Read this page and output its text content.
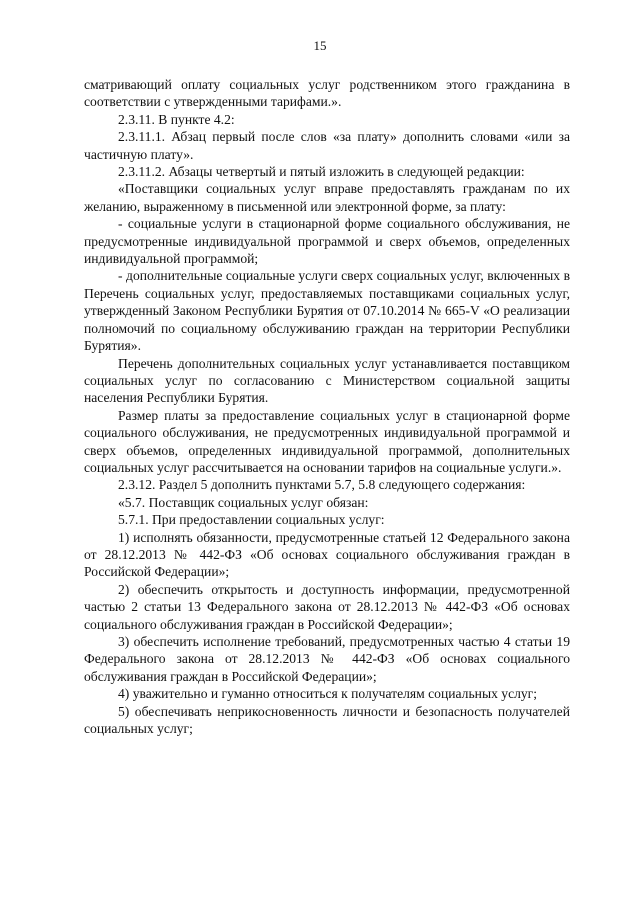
15

сматривающий оплату социальных услуг родственником этого гражданина в соответствии с утвержденными тарифами.».

2.3.11. В пункте 4.2:

2.3.11.1. Абзац первый после слов «за плату» дополнить словами «или за частичную плату».

2.3.11.2. Абзацы четвертый и пятый изложить в следующей редакции:

«Поставщики социальных услуг вправе предоставлять гражданам по их желанию, выраженному в письменной или электронной форме, за плату:

- социальные услуги в стационарной форме социального обслуживания, не предусмотренные индивидуальной программой и сверх объемов, определенных индивидуальной программой;

- дополнительные социальные услуги сверх социальных услуг, включенных в Перечень социальных услуг, предоставляемых поставщиками социальных услуг, утвержденный Законом Республики Бурятия от 07.10.2014 № 665-V «О реализации полномочий по социальному обслуживанию граждан на территории Республики Бурятия».

Перечень дополнительных социальных услуг устанавливается поставщиком социальных услуг по согласованию с Министерством социальной защиты населения Республики Бурятия.

Размер платы за предоставление социальных услуг в стационарной форме социального обслуживания, не предусмотренных индивидуальной программой и сверх объемов, определенных индивидуальной программой, дополнительных социальных услуг рассчитывается на основании тарифов на социальные услуги.».

2.3.12. Раздел 5 дополнить пунктами 5.7, 5.8 следующего содержания:

«5.7. Поставщик социальных услуг обязан:

5.7.1. При предоставлении социальных услуг:

1) исполнять обязанности, предусмотренные статьей 12 Федерального закона от 28.12.2013 № 442-ФЗ «Об основах социального обслуживания граждан в Российской Федерации»;

2) обеспечить открытость и доступность информации, предусмотренной частью 2 статьи 13 Федерального закона от 28.12.2013 № 442-ФЗ «Об основах социального обслуживания граждан в Российской Федерации»;

3) обеспечить исполнение требований, предусмотренных частью 4 статьи 19 Федерального закона от 28.12.2013 № 442-ФЗ «Об основах социального обслуживания граждан в Российской Федерации»;

4) уважительно и гуманно относиться к получателям социальных услуг;

5) обеспечивать неприкосновенность личности и безопасность получателей социальных услуг;
